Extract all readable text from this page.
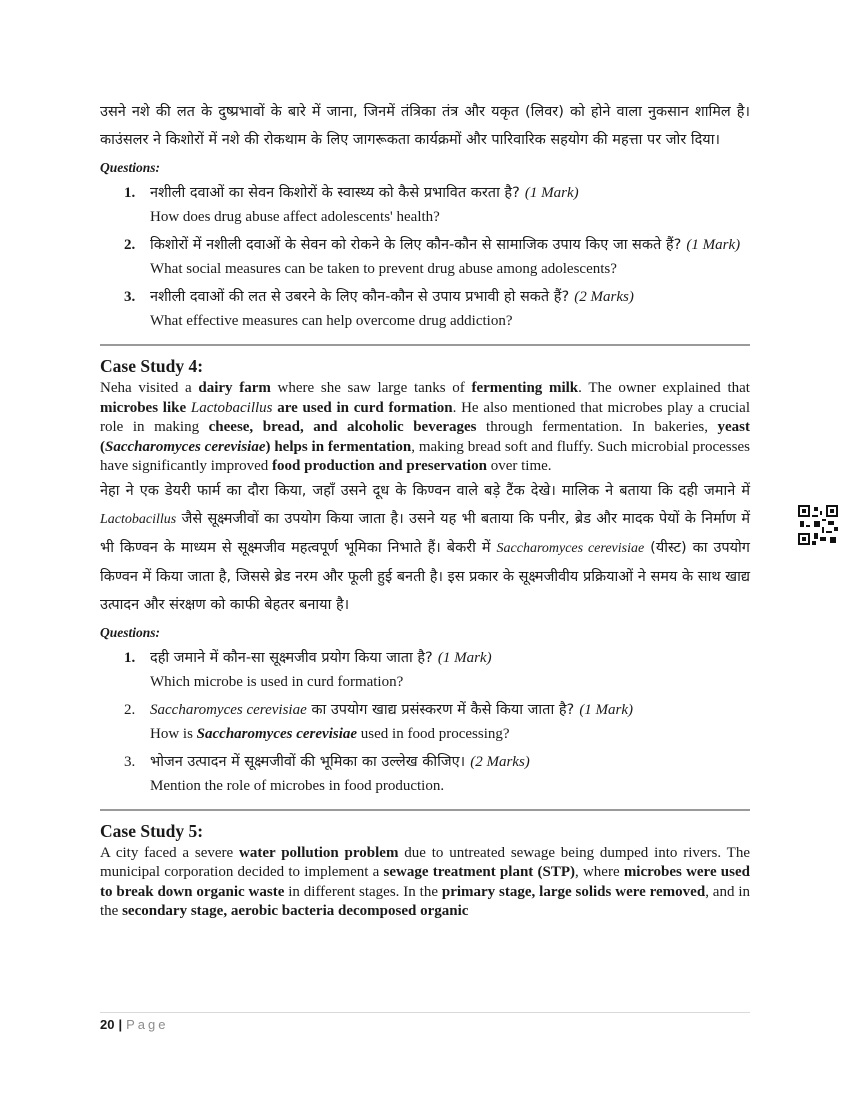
उसने नशे की लत के दुष्प्रभावों के बारे में जाना, जिनमें तंत्रिका तंत्र और यकृत (लिवर) को होने वाला नुकसान शामिल है। काउंसलर ने किशोरों में नशे की रोकथाम के लिए जागरूकता कार्यक्रमों और पारिवारिक सहयोग की महत्ता पर जोर दिया।

Questions:
1. नशीली दवाओं का सेवन किशोरों के स्वास्थ्य को कैसे प्रभावित करता है? (1 Mark)
How does drug abuse affect adolescents' health?
2. किशोरों में नशीली दवाओं के सेवन को रोकने के लिए कौन-कौन से सामाजिक उपाय किए जा सकते हैं? (1 Mark)
What social measures can be taken to prevent drug abuse among adolescents?
3. नशीली दवाओं की लत से उबरने के लिए कौन-कौन से उपाय प्रभावी हो सकते हैं? (2 Marks)
What effective measures can help overcome drug addiction?
Case Study 4:

Neha visited a dairy farm where she saw large tanks of fermenting milk. The owner explained that microbes like Lactobacillus are used in curd formation. He also mentioned that microbes play a crucial role in making cheese, bread, and alcoholic beverages through fermentation. In bakeries, yeast (Saccharomyces cerevisiae) helps in fermentation, making bread soft and fluffy. Such microbial processes have significantly improved food production and preservation over time.

नेहा ने एक डेयरी फार्म का दौरा किया, जहाँ उसने दूध के किण्वन वाले बड़े टैंक देखे। मालिक ने बताया कि दही जमाने में Lactobacillus जैसे सूक्ष्मजीवों का उपयोग किया जाता है। उसने यह भी बताया कि पनीर, ब्रेड और मादक पेयों के निर्माण में भी किण्वन के माध्यम से सूक्ष्मजीव महत्वपूर्ण भूमिका निभाते हैं। बेकरी में Saccharomyces cerevisiae (यीस्ट) का उपयोग किण्वन में किया जाता है, जिससे ब्रेड नरम और फूली हुई बनती है। इस प्रकार के सूक्ष्मजीवीय प्रक्रियाओं ने समय के साथ खाद्य उत्पादन और संरक्षण को काफी बेहतर बनाया है।

Questions:
1. दही जमाने में कौन-सा सूक्ष्मजीव प्रयोग किया जाता है? (1 Mark)
Which microbe is used in curd formation?
2. Saccharomyces cerevisiae का उपयोग खाद्य प्रसंस्करण में कैसे किया जाता है? (1 Mark)
How is Saccharomyces cerevisiae used in food processing?
3. भोजन उत्पादन में सूक्ष्मजीवों की भूमिका का उल्लेख कीजिए। (2 Marks)
Mention the role of microbes in food production.
Case Study 5:

A city faced a severe water pollution problem due to untreated sewage being dumped into rivers. The municipal corporation decided to implement a sewage treatment plant (STP), where microbes were used to break down organic waste in different stages. In the primary stage, large solids were removed, and in the secondary stage, aerobic bacteria decomposed organic

20 | Page
